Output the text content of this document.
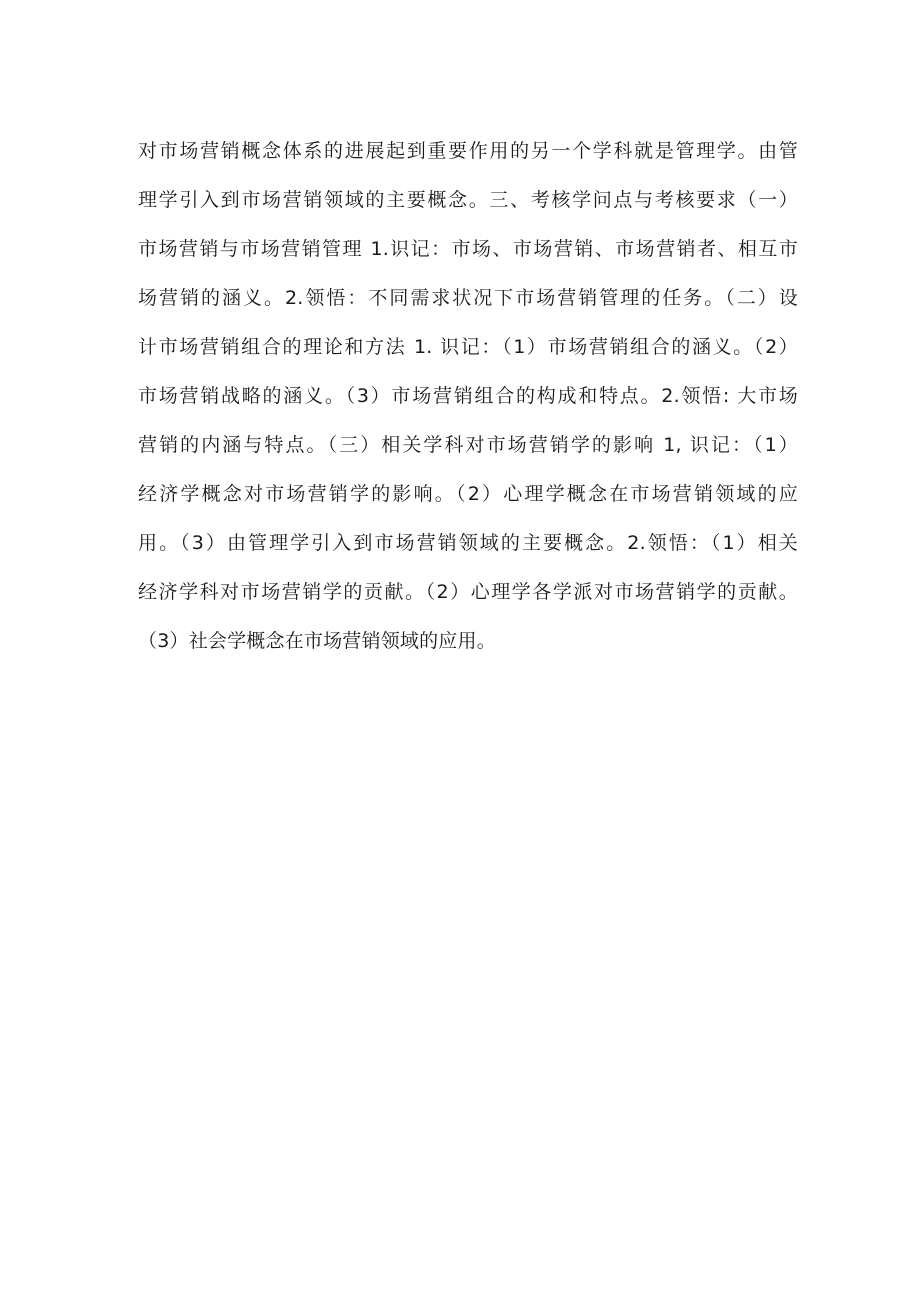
对市场营销概念体系的进展起到重要作用的另一个学科就是管理学。由管
理学引入到市场营销领域的主要概念。三、考核学问点与考核要求（一）
市场营销与市场营销管理 1.识记：市场、市场营销、市场营销者、相互市
场营销的涵义。2.领悟：不同需求状况下市场营销管理的任务。（二）设
计市场营销组合的理论和方法 1. 识记：（1）市场营销组合的涵义。（2）
市场营销战略的涵义。（3）市场营销组合的构成和特点。2.领悟: 大市场
营销的内涵与特点。（三）相关学科对市场营销学的影响 1, 识记：（1）
经济学概念对市场营销学的影响。（2）心理学概念在市场营销领域的应
用。（3）由管理学引入到市场营销领域的主要概念。2.领悟：（1）相关
经济学科对市场营销学的贡献。（2）心理学各学派对市场营销学的贡献。
（3）社会学概念在市场营销领域的应用。
